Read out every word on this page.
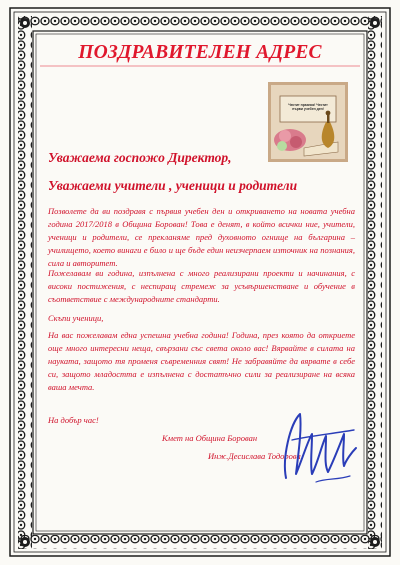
ПОЗДРАВИТЕЛЕН АДРЕС
Честит празник! Честит първи учебен ден!
Уважаема госпожо Директор,
Уважаеми учители , ученици и родители

Позволете да ви поздравя с първия учебен ден и откриването на новата учебна година 2017/2018 в Община Борован! Това е денят, в който всички ние, учители, ученици и родители, се прекланяме пред духовното огнище на българина – училището, което винаги е било и ще бъде един неизчерпаем източник на познания, сила и авторитет.

Пожелавам ви година, изпълнена с много реализирани проекти и начинания, с високи постижения, с неспирaщ стремеж за усъвършенстване и обучение в съответствие с международните стандарти.

Скъпи ученици,

На вас пожелавам една успешна учебна година! Година, през която да откриете още много интересни неща, свързани със света около вас! Вярвайте в силата на науката, защото тя променя съвременния свят! Не забравяйте да вярвате в себе си, защото младостта е изпълнена с достатъчно сили за реализиране на всяка ваша мечта.

На добър час!
Кмет на Община Борован
Инж.Десислава Тодорова
